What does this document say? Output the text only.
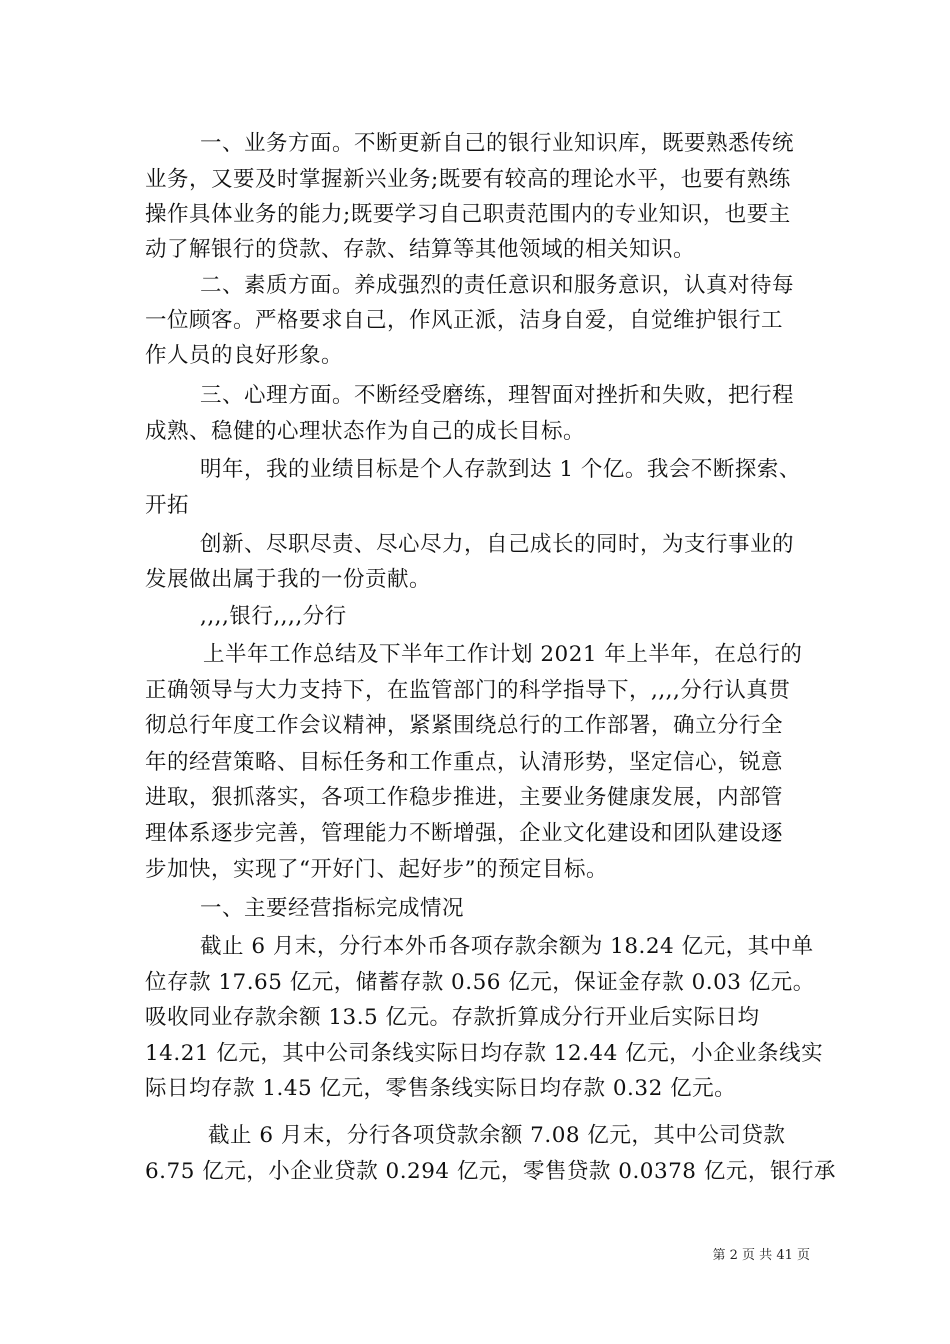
一、业务方面。不断更新自己的银行业知识库，既要熟悉传统
业务，又要及时掌握新兴业务;既要有较高的理论水平，也要有熟练
操作具体业务的能力;既要学习自己职责范围内的专业知识，也要主
动了解银行的贷款、存款、结算等其他领域的相关知识。
二、素质方面。养成强烈的责任意识和服务意识，认真对待每
一位顾客。严格要求自己，作风正派，洁身自爱，自觉维护银行工
作人员的良好形象。
三、心理方面。不断经受磨练，理智面对挫折和失败，把行程
成熟、稳健的心理状态作为自己的成长目标。
明年，我的业绩目标是个人存款到达 1 个亿。我会不断探索、
开拓
创新、尽职尽责、尽心尽力，自己成长的同时，为支行事业的
发展做出属于我的一份贡献。
,,,,银行,,,,分行
上半年工作总结及下半年工作计划 2021 年上半年，在总行的
正确领导与大力支持下，在监管部门的科学指导下，,,,,分行认真贯
彻总行年度工作会议精神，紧紧围绕总行的工作部署，确立分行全
年的经营策略、目标任务和工作重点，认清形势，坚定信心，锐意
进取，狠抓落实，各项工作稳步推进，主要业务健康发展，内部管
理体系逐步完善，管理能力不断增强，企业文化建设和团队建设逐
步加快，实现了“开好门、起好步”的预定目标。
一、主要经营指标完成情况
截止 6 月末，分行本外币各项存款余额为 18.24 亿元，其中单
位存款 17.65 亿元，储蓄存款 0.56 亿元，保证金存款 0.03 亿元。
吸收同业存款余额 13.5 亿元。存款折算成分行开业后实际日均
14.21 亿元，其中公司条线实际日均存款 12.44 亿元，小企业条线实
际日均存款 1.45 亿元，零售条线实际日均存款 0.32 亿元。
截止 6 月末，分行各项贷款余额 7.08 亿元，其中公司贷款
6.75 亿元，小企业贷款 0.294 亿元，零售贷款 0.0378 亿元，银行承
第 2 页 共 41 页
